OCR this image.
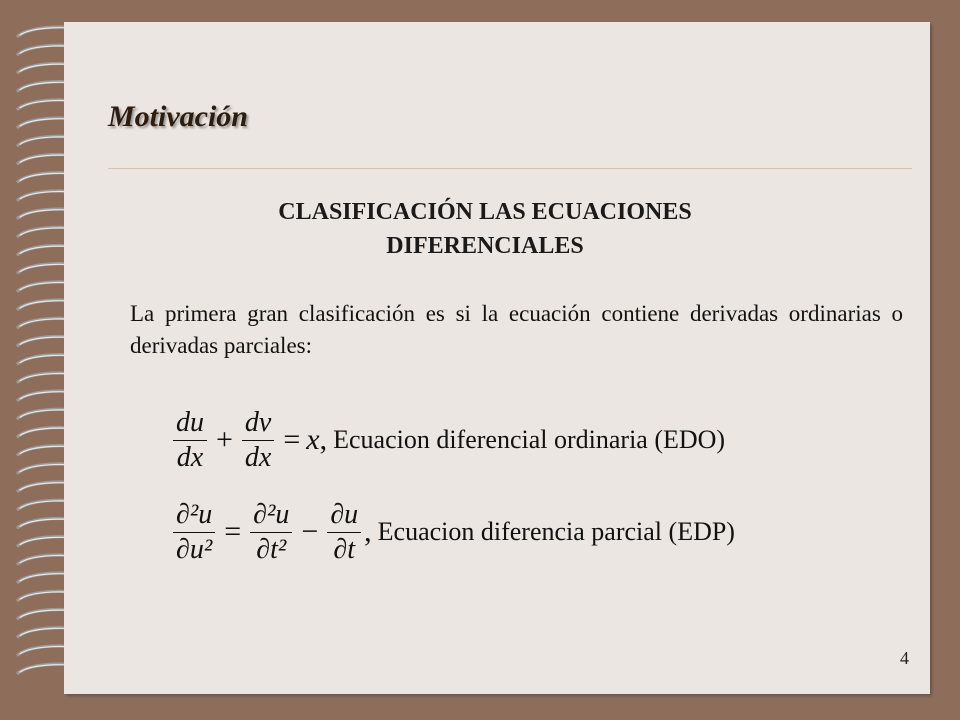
Motivación
CLASIFICACIÓN LAS ECUACIONES
DIFERENCIALES
La primera gran clasificación es si la ecuación contiene derivadas ordinarias o derivadas parciales:
$\frac{du}{dx} + \frac{dv}{dx} = x$ , Ecuacion diferencial ordinaria (EDO)
$\frac{\text{∂²u}}{\text{∂u²}} = \frac{\text{∂²u}}{\text{∂t²}} - \frac{\partial u}{\partial t}$ , Ecuacion diferencia parcial (EDP)
4
